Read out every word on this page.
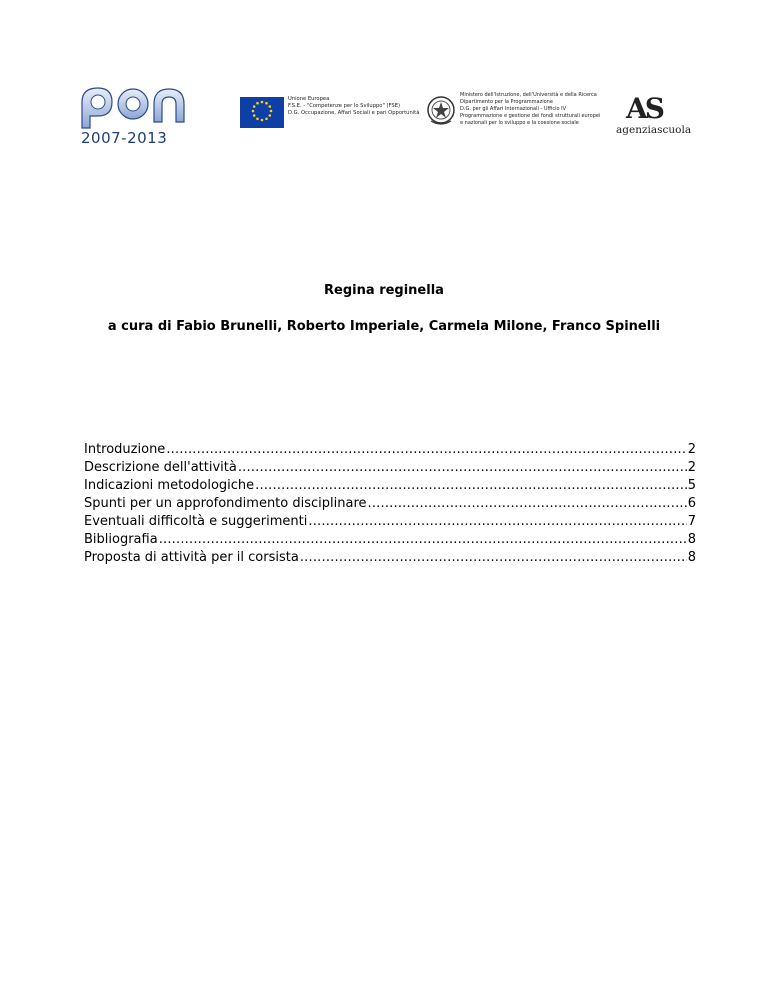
2007-2013
Unione Europea
F.S.E. - "Competenze per lo Sviluppo" (FSE)
D.G. Occupazione, Affari Sociali e pari Opportunità
Ministero dell'Istruzione, dell'Università e della Ricerca
Dipartimento per la Programmazione
D.G. per gli Affari Internazionali - Ufficio IV
Programmazione e gestione dei fondi strutturali europei
e nazionali per lo sviluppo e la coesione sociale	AS
agenziascuola
Regina reginella
a cura di Fabio Brunelli, Roberto Imperiale, Carmela Milone, Franco Spinelli
Introduzione .....	2
Descrizione dell'attività .....	2
Indicazioni metodologiche .....	5
Spunti per un approfondimento disciplinare .....	6
Eventuali difficoltà e suggerimenti .....	7
Bibliografia .....	8
Proposta di attività per il corsista .....	8
